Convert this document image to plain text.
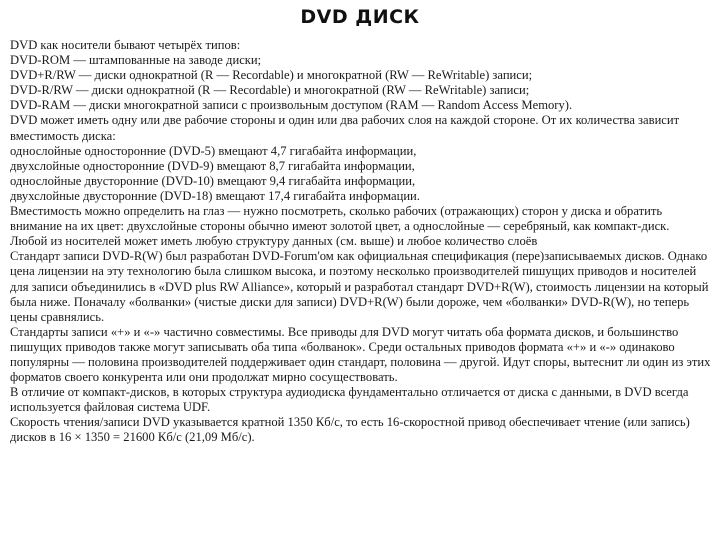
DVD ДИСК

DVD как носители бывают четырёх типов:

DVD-ROM — штампованные на заводе диски;

DVD+R/RW — диски однократной (R — Recordable) и многократной (RW — ReWritable) записи;

DVD-R/RW — диски однократной (R — Recordable) и многократной (RW — ReWritable) записи;

DVD-RAM — диски многократной записи с произвольным доступом (RAM — Random Access Memory).

DVD может иметь одну или две рабочие стороны и один или два рабочих слоя на каждой стороне. От их количества зависит вместимость диска:

однослойные односторонние (DVD-5) вмещают 4,7 гигабайта информации,

двухслойные односторонние (DVD-9) вмещают 8,7 гигабайта информации,

однослойные двусторонние (DVD-10) вмещают 9,4 гигабайта информации,

двухслойные двусторонние (DVD-18) вмещают 17,4 гигабайта информации.

Вместимость можно определить на глаз — нужно посмотреть, сколько рабочих (отражающих) сторон у диска и обратить внимание на их цвет: двухслойные стороны обычно имеют золотой цвет, а однослойные — серебряный, как компакт-диск.

Любой из носителей может иметь любую структуру данных (см. выше) и любое количество слоёв

Стандарт записи DVD-R(W) был разработан DVD-Forum'ом как официальная спецификация (пере)записываемых дисков. Однако цена лицензии на эту технологию была слишком высока, и поэтому несколько производителей пишущих приводов и носителей для записи объединились в «DVD plus RW Alliance», который и разработал стандарт DVD+R(W), стоимость лицензии на который была ниже. Поначалу «болванки» (чистые диски для записи) DVD+R(W) были дороже, чем «болванки» DVD-R(W), но теперь цены сравнялись.

Стандарты записи «+» и «-» частично совместимы. Все приводы для DVD могут читать оба формата дисков, и большинство пишущих приводов также могут записывать оба типа «болванок». Среди остальных приводов формата «+» и «-» одинаково популярны — половина производителей поддерживает один стандарт, половина — другой. Идут споры, вытеснит ли один из этих форматов своего конкурента или они продолжат мирно сосуществовать.

В отличие от компакт-дисков, в которых структура аудиодиска фундаментально отличается от диска с данными, в DVD всегда используется файловая система UDF.

Скорость чтения/записи DVD указывается кратной 1350 Кб/с, то есть 16-скоростной привод обеспечивает чтение (или запись) дисков в 16 × 1350 = 21600 Кб/с (21,09 Мб/с).
